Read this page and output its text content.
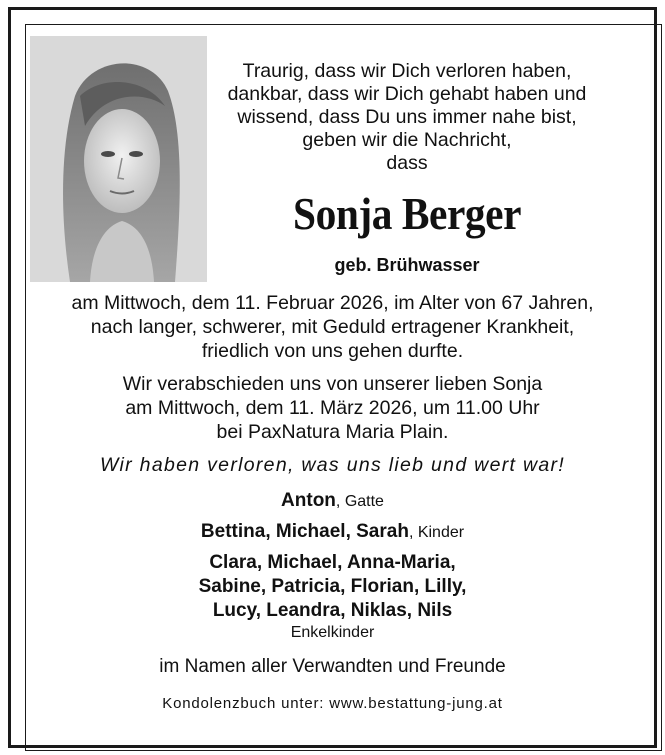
Traurig, dass wir Dich verloren haben,
dankbar, dass wir Dich gehabt haben und
wissend, dass Du uns immer nahe bist,
geben wir die Nachricht,
dass
Sonja Berger
geb. Brühwasser
am Mittwoch, dem 11. Februar 2026, im Alter von 67 Jahren,
nach langer, schwerer, mit Geduld ertragener Krankheit,
friedlich von uns gehen durfte.
Wir verabschieden uns von unserer lieben Sonja
am Mittwoch, dem 11. März 2026, um 11.00 Uhr
bei PaxNatura Maria Plain.
Wir haben verloren, was uns lieb und wert war!
Anton, Gatte
Bettina, Michael, Sarah, Kinder
Clara, Michael, Anna-Maria,
Sabine, Patricia, Florian, Lilly,
Lucy, Leandra, Niklas, Nils
Enkelkinder
im Namen aller Verwandten und Freunde
Kondolenzbuch unter: www.bestattung-jung.at
